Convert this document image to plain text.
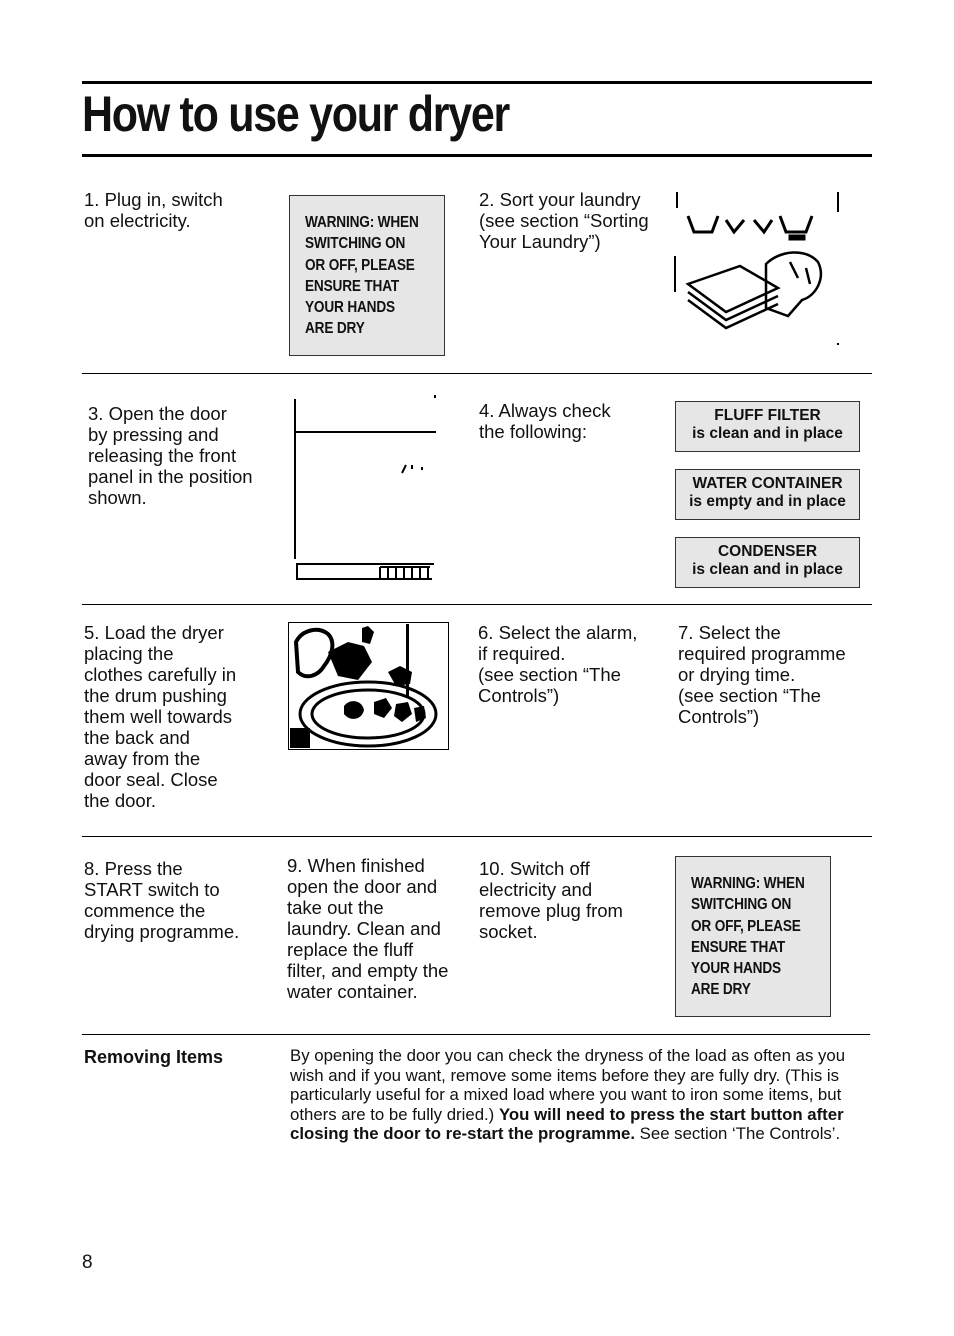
How to use your dryer
1. Plug in, switch
on electricity.	WARNING: WHEN
SWITCHING ON
OR OFF, PLEASE
ENSURE THAT
YOUR HANDS
ARE DRY
2. Sort your laundry
(see section “Sorting
Your Laundry”)
3. Open the door
by pressing and
releasing the front
panel in the position
shown.
4. Always check
the following:
FLUFF FILTER
is clean and in place
WATER CONTAINER
is empty and in place
CONDENSER
is clean and in place
5. Load the dryer
placing the
clothes carefully in
the drum pushing
them well towards
the back and
away from the
door seal. Close
the door.
6. Select the alarm,
if required.
(see section “The
Controls”)
7. Select the
required programme
or drying time.
(see section “The
Controls”)
8. Press the
START switch to
commence the
drying programme.
9. When finished
open the door and
take out the
laundry. Clean and
replace the fluff
filter, and empty the
water container.
10. Switch off
electricity and
remove plug from
socket.
WARNING: WHEN
SWITCHING ON
OR OFF, PLEASE
ENSURE THAT
YOUR HANDS
ARE DRY
Removing Items	By opening the door you can check the dryness of the load as often as you wish and if you want, remove some items before they are fully dry. (This is particularly useful for a mixed load where you want to iron some items, but others are to be fully dried.) You will need to press the start button after closing the door to re-start the programme. See section ‘The Controls’.
8
